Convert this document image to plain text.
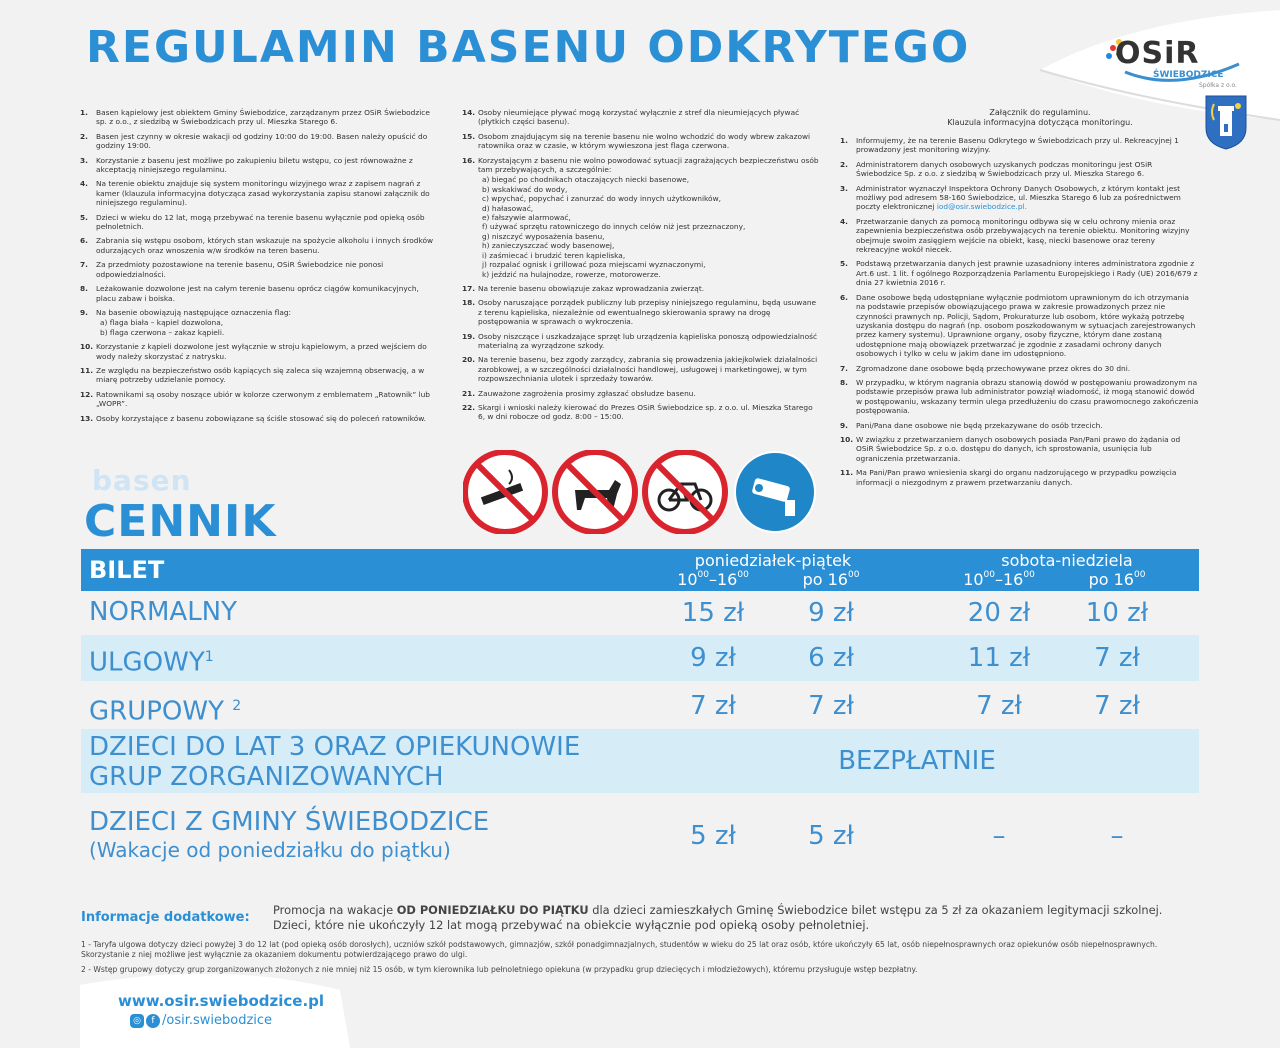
REGULAMIN BASENU ODKRYTEGO	OSiR
ŚWIEBODZICE
Spółka z o.o.
1. Basen kąpielowy jest obiektem Gminy Świebodzice, zarządzanym przez OSiR Świebodzice sp. z o.o., z siedzibą w Świebodzicach przy ul. Mieszka Starego 6.
2. Basen jest czynny w okresie wakacji od godziny 10:00 do 19:00. Basen należy opuścić do godziny 19:00.
3. Korzystanie z basenu jest możliwe po zakupieniu biletu wstępu, co jest równoważne z akceptacją niniejszego regulaminu.
4. Na terenie obiektu znajduje się system monitoringu wizyjnego wraz z zapisem nagrań z kamer (klauzula informacyjna dotycząca zasad wykorzystania zapisu stanowi załącznik do niniejszego regulaminu).
5. Dzieci w wieku do 12 lat, mogą przebywać na terenie basenu wyłącznie pod opieką osób pełnoletnich.
6. Zabrania się wstępu osobom, których stan wskazuje na spożycie alkoholu i innych środków odurzających oraz wnoszenia w/w środków na teren basenu.
7. Za przedmioty pozostawione na terenie basenu, OSiR Świebodzice nie ponosi odpowiedzialności.
8. Leżakowanie dozwolone jest na całym terenie basenu oprócz ciągów komunikacyjnych, placu zabaw i boiska.
9. Na basenie obowiązują następujące oznaczenia flag:
a) flaga biała – kąpiel dozwolona,
b) flaga czerwona – zakaz kąpieli.
10. Korzystanie z kąpieli dozwolone jest wyłącznie w stroju kąpielowym, a przed wejściem do wody należy skorzystać z natrysku.
11. Ze względu na bezpieczeństwo osób kąpiących się zaleca się wzajemną obserwację, a w miarę potrzeby udzielanie pomocy.
12. Ratownikami są osoby noszące ubiór w kolorze czerwonym z emblematem „Ratownik” lub „WOPR”.
13. Osoby korzystające z basenu zobowiązane są ściśle stosować się do poleceń ratowników.
14. Osoby nieumiejące pływać mogą korzystać wyłącznie z stref dla nieumiejących pływać (płytkich części basenu).
15. Osobom znajdującym się na terenie basenu nie wolno wchodzić do wody wbrew zakazowi ratownika oraz w czasie, w którym wywieszona jest flaga czerwona.
16. Korzystającym z basenu nie wolno powodować sytuacji zagrażających bezpieczeństwu osób tam przebywających, a szczególnie:
a) biegać po chodnikach otaczających niecki basenowe,
b) wskakiwać do wody,
c) wpychać, popychać i zanurzać do wody innych użytkowników,
d) hałasować,
e) fałszywie alarmować,
f) używać sprzętu ratowniczego do innych celów niż jest przeznaczony,
g) niszczyć wyposażenia basenu,
h) zanieczyszczać wody basenowej,
i) zaśmiecać i brudzić teren kąpieliska,
j) rozpalać ognisk i grillować poza miejscami wyznaczonymi,
k) jeździć na hulajnodze, rowerze, motorowerze.
17. Na terenie basenu obowiązuje zakaz wprowadzania zwierząt.
18. Osoby naruszające porządek publiczny lub przepisy niniejszego regulaminu, będą usuwane z terenu kąpieliska, niezależnie od ewentualnego skierowania sprawy na drogę postępowania w sprawach o wykroczenia.
19. Osoby niszczące i uszkadzające sprzęt lub urządzenia kąpieliska ponoszą odpowiedzialność materialną za wyrządzone szkody.
20. Na terenie basenu, bez zgody zarządcy, zabrania się prowadzenia jakiejkolwiek działalności zarobkowej, a w szczególności działalności handlowej, usługowej i marketingowej, w tym rozpowszechniania ulotek i sprzedaży towarów.
21. Zauważone zagrożenia prosimy zgłaszać obsłudze basenu.
22. Skargi i wnioski należy kierować do Prezes OSiR Świebodzice sp. z o.o. ul. Mieszka Starego 6, w dni robocze od godz. 8:00 – 15:00.
Załącznik do regulaminu.
Klauzula informacyjna dotycząca monitoringu.
1. Informujemy, że na terenie Basenu Odkrytego w Świebodzicach przy ul. Rekreacyjnej 1 prowadzony jest monitoring wizyjny.
2. Administratorem danych osobowych uzyskanych podczas monitoringu jest OSiR Świebodzice Sp. z o.o. z siedzibą w Świebodzicach przy ul. Mieszka Starego 6.
3. Administrator wyznaczył Inspektora Ochrony Danych Osobowych, z którym kontakt jest możliwy pod adresem 58-160 Świebodzice, ul. Mieszka Starego 6 lub za pośrednictwem poczty elektronicznej iod@osir.swiebodzice.pl.
4. Przetwarzanie danych za pomocą monitoringu odbywa się w celu ochrony mienia oraz zapewnienia bezpieczeństwa osób przebywających na terenie obiektu. Monitoring wizyjny obejmuje swoim zasięgiem wejście na obiekt, kasę, niecki basenowe oraz tereny rekreacyjne wokół niecek.
5. Podstawą przetwarzania danych jest prawnie uzasadniony interes administratora zgodnie z Art.6 ust. 1 lit. f ogólnego Rozporządzenia Parlamentu Europejskiego i Rady (UE) 2016/679 z dnia 27 kwietnia 2016 r.
6. Dane osobowe będą udostępniane wyłącznie podmiotom uprawnionym do ich otrzymania na podstawie przepisów obowiązującego prawa w zakresie prowadzonych przez nie czynności prawnych np. Policji, Sądom, Prokuraturze lub osobom, które wykażą potrzebę uzyskania dostępu do nagrań (np. osobom poszkodowanym w sytuacjach zarejestrowanych przez kamery systemu). Uprawnione organy, osoby fizyczne, którym dane zostaną udostępnione mają obowiązek przetwarzać je zgodnie z zasadami ochrony danych osobowych i tylko w celu w jakim dane im udostępniono.
7. Zgromadzone dane osobowe będą przechowywane przez okres do 30 dni.
8. W przypadku, w którym nagrania obrazu stanowią dowód w postępowaniu prowadzonym na podstawie przepisów prawa lub administrator powziął wiadomość, iż mogą stanowić dowód w postępowaniu, wskazany termin ulega przedłużeniu do czasu prawomocnego zakończenia postępowania.
9. Pani/Pana dane osobowe nie będą przekazywane do osób trzecich.
10. W związku z przetwarzaniem danych osobowych posiada Pan/Pani prawo do żądania od OSiR Świebodzice Sp. z o.o. dostępu do danych, ich sprostowania, usunięcia lub ograniczenia przetwarzania.
11. Ma Pani/Pan prawo wniesienia skargi do organu nadzorującego w przypadku powzięcia informacji o niezgodnym z prawem przetwarzaniu danych.
basen
CENNIK
BILET	poniedziałek-piątek	sobota-niedziela
$10^{00}-16^{00}$	po $16^{00}$	$10^{00}-16^{00}$	po $16^{00}$
NORMALNY	15 zł	9 zł	20 zł	10 zł
ULGOWY$^1$	9 zł	6 zł	11 zł	7 zł
GRUPOWY $^2$	7 zł	7 zł	7 zł	7 zł
DZIECI DO LAT 3 ORAZ OPIEKUNOWIE
GRUP ZORGANIZOWANYCH
BEZPŁATNIE
DZIECI Z GMINY ŚWIEBODZICE
(Wakacje od poniedziałku do piątku)	5 zł	5 zł	–	–
Informacje dodatkowe: Promocja na wakacje OD PONIEDZIAŁKU DO PIĄTKU dla dzieci zamieszkałych Gminę Świebodzice bilet wstępu za 5 zł za okazaniem legitymacji szkolnej.
Dzieci, które nie ukończyły 12 lat mogą przebywać na obiekcie wyłącznie pod opieką osoby pełnoletniej.
1 - Taryfa ulgowa dotyczy dzieci powyżej 3 do 12 lat (pod opieką osób dorosłych), uczniów szkół podstawowych, gimnazjów, szkół ponadgimnazjalnych, studentów w wieku do 25 lat oraz osób, które ukończyły 65 lat, osób niepełnosprawnych oraz opiekunów osób niepełnosprawnych. Skorzystanie z niej możliwe jest wyłącznie za okazaniem dokumentu potwierdzającego prawo do ulgi.
2 - Wstęp grupowy dotyczy grup zorganizowanych złożonych z nie mniej niż 15 osób, w tym kierownika lub pełnoletniego opiekuna (w przypadku grup dziecięcych i młodzieżowych), któremu przysługuje wstęp bezpłatny.
www.osir.swiebodzice.pl
◎ f /osir.swiebodzice
